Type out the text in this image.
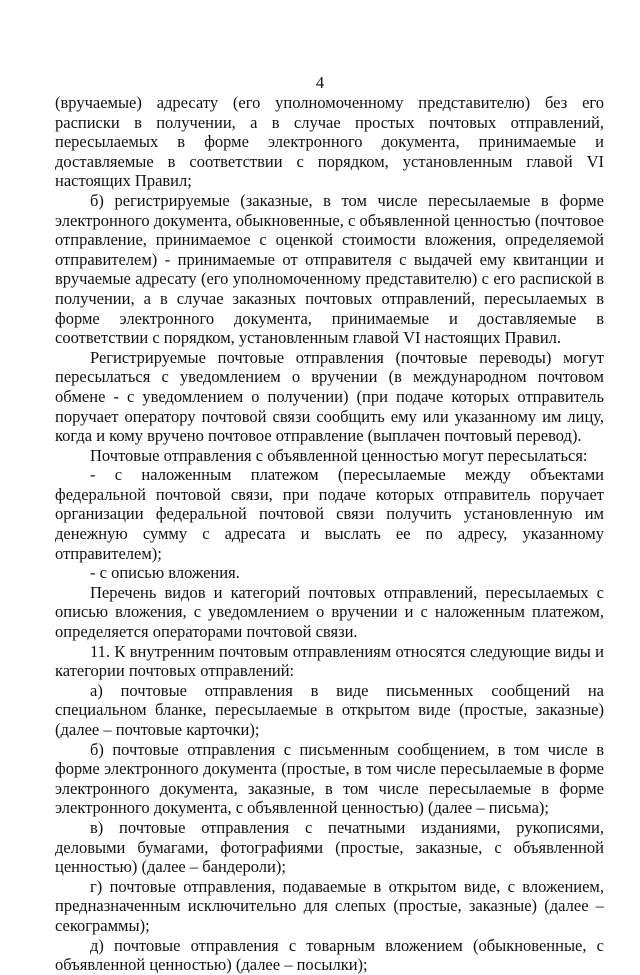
4

(вручаемые) адресату (его уполномоченному представителю) без его расписки в получении, а в случае простых почтовых отправлений, пересылаемых в форме электронного документа, принимаемые и доставляемые в соответствии с порядком, установленным главой VI настоящих Правил;

б) регистрируемые (заказные, в том числе пересылаемые в форме электронного документа, обыкновенные, с объявленной ценностью (почтовое отправление, принимаемое с оценкой стоимости вложения, определяемой отправителем) - принимаемые от отправителя с выдачей ему квитанции и вручаемые адресату (его уполномоченному представителю) с его распиской в получении, а в случае заказных почтовых отправлений, пересылаемых в форме электронного документа, принимаемые и доставляемые в соответствии с порядком, установленным главой VI настоящих Правил.

Регистрируемые почтовые отправления (почтовые переводы) могут пересылаться с уведомлением о вручении (в международном почтовом обмене - с уведомлением о получении) (при подаче которых отправитель поручает оператору почтовой связи сообщить ему или указанному им лицу, когда и кому вручено почтовое отправление (выплачен почтовый перевод).

Почтовые отправления с объявленной ценностью могут пересылаться:

- с наложенным платежом (пересылаемые между объектами федеральной почтовой связи, при подаче которых отправитель поручает организации федеральной почтовой связи получить установленную им денежную сумму с адресата и выслать ее по адресу, указанному отправителем);

- с описью вложения.

Перечень видов и категорий почтовых отправлений, пересылаемых с описью вложения, с уведомлением о вручении и с наложенным платежом, определяется операторами почтовой связи.

11. К внутренним почтовым отправлениям относятся следующие виды и категории почтовых отправлений:

а) почтовые отправления в виде письменных сообщений на специальном бланке, пересылаемые в открытом виде (простые, заказные) (далее – почтовые карточки);

б) почтовые отправления с письменным сообщением, в том числе в форме электронного документа (простые, в том числе пересылаемые в форме электронного документа, заказные, в том числе пересылаемые в форме электронного документа, с объявленной ценностью) (далее – письма);

в) почтовые отправления с печатными изданиями, рукописями, деловыми бумагами, фотографиями (простые, заказные, с объявленной ценностью) (далее – бандероли);

г) почтовые отправления, подаваемые в открытом виде, с вложением, предназначенным исключительно для слепых (простые, заказные) (далее – секограммы);

д) почтовые отправления с товарным вложением (обыкновенные, с объявленной ценностью) (далее – посылки);
